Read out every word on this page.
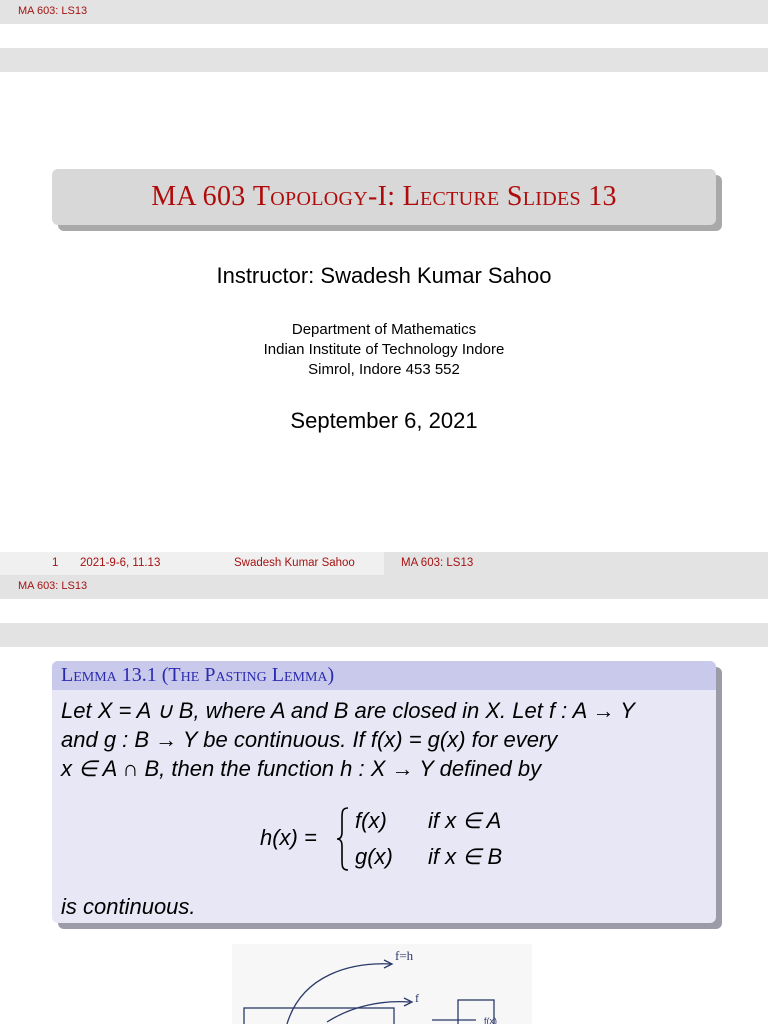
MA 603: LS13
MA 603 Topology-I: Lecture Slides 13
Instructor: Swadesh Kumar Sahoo
Department of Mathematics
Indian Institute of Technology Indore
Simrol, Indore 453 552
September 6, 2021
1 2021-9-6, 11.13	Swadesh Kumar Sahoo	MA 603: LS13
MA 603: LS13
Lemma 13.1 (The Pasting Lemma)
Let X = A ∪ B, where A and B are closed in X. Let f : A → Y
and g : B → Y be continuous. If f(x) = g(x) for every
x ∈ A ∩ B, then the function h : X → Y defined by
h(x) =
f(x) if x ∈ A
g(x) if x ∈ B
is continuous.
f=h
f
f(x)
